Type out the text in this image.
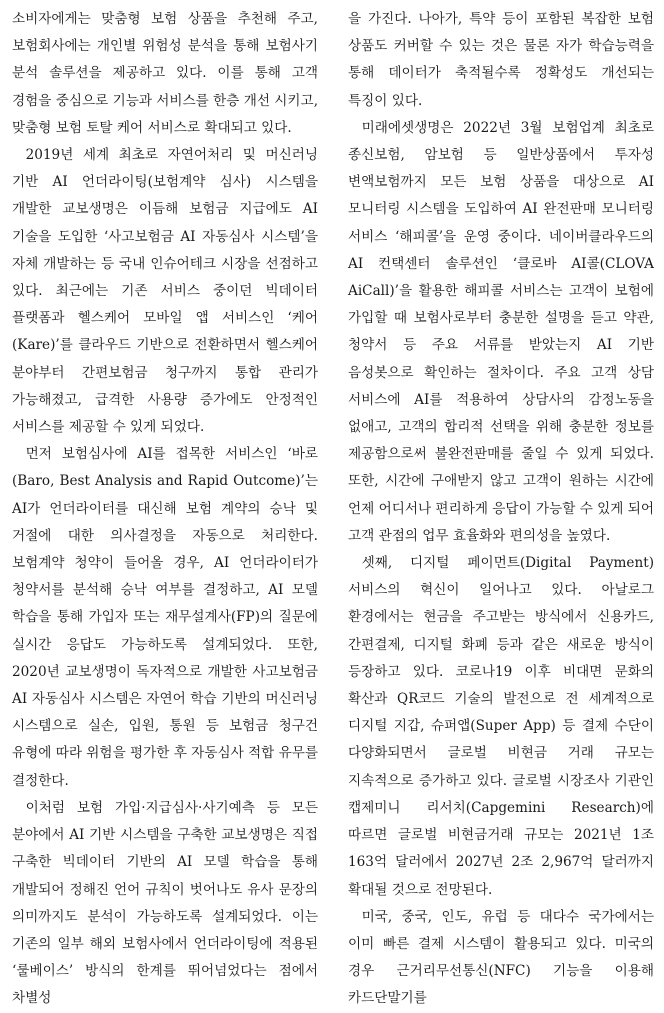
소비자에게는 맞춤형 보험 상품을 추천해 주고, 보험회사에는 개인별 위험성 분석을 통해 보험사기 분석 솔루션을 제공하고 있다. 이를 통해 고객 경험을 중심으로 기능과 서비스를 한층 개선 시키고, 맞춤형 보험 토탈 케어 서비스로 확대되고 있다.

2019년 세계 최초로 자연어처리 및 머신러닝 기반 AI 언더라이팅(보험계약 심사) 시스템을 개발한 교보생명은 이듬해 보험금 지급에도 AI 기술을 도입한 ‘사고보험금 AI 자동심사 시스템’을 자체 개발하는 등 국내 인슈어테크 시장을 선점하고 있다. 최근에는 기존 서비스 중이던 빅데이터 플랫폼과 헬스케어 모바일 앱 서비스인 ‘케어(Kare)’를 클라우드 기반으로 전환하면서 헬스케어 분야부터 간편보험금 청구까지 통합 관리가 가능해졌고, 급격한 사용량 증가에도 안정적인 서비스를 제공할 수 있게 되었다.

먼저 보험심사에 AI를 접목한 서비스인 ‘바로(Baro, Best Analysis and Rapid Outcome)’는 AI가 언더라이터를 대신해 보험 계약의 승낙 및 거절에 대한 의사결정을 자동으로 처리한다. 보험계약 청약이 들어올 경우, AI 언더라이터가 청약서를 분석해 승낙 여부를 결정하고, AI 모델 학습을 통해 가입자 또는 재무설계사(FP)의 질문에 실시간 응답도 가능하도록 설계되었다. 또한, 2020년 교보생명이 독자적으로 개발한 사고보험금 AI 자동심사 시스템은 자연어 학습 기반의 머신러닝 시스템으로 실손, 입원, 통원 등 보험금 청구건 유형에 따라 위험을 평가한 후 자동심사 적합 유무를 결정한다.

이처럼 보험 가입·지급심사·사기예측 등 모든 분야에서 AI 기반 시스템을 구축한 교보생명은 직접 구축한 빅데이터 기반의 AI 모델 학습을 통해 개발되어 정해진 언어 규칙이 벗어나도 유사 문장의 의미까지도 분석이 가능하도록 설계되었다. 이는 기존의 일부 해외 보험사에서 언더라이팅에 적용된 ‘룰베이스’ 방식의 한계를 뛰어넘었다는 점에서 차별성

을 가진다. 나아가, 특약 등이 포함된 복잡한 보험 상품도 커버할 수 있는 것은 물론 자가 학습능력을 통해 데이터가 축적될수록 정확성도 개선되는 특징이 있다.

미래에셋생명은 2022년 3월 보험업계 최초로 종신보험, 암보험 등 일반상품에서 투자성 변액보험까지 모든 보험 상품을 대상으로 AI 모니터링 시스템을 도입하여 AI 완전판매 모니터링 서비스 ‘해피콜’을 운영 중이다. 네이버클라우드의 AI 컨택센터 솔루션인 ‘클로바 AI콜(CLOVA AiCall)’을 활용한 해피콜 서비스는 고객이 보험에 가입할 때 보험사로부터 충분한 설명을 듣고 약관, 청약서 등 주요 서류를 받았는지 AI 기반 음성봇으로 확인하는 절차이다. 주요 고객 상담 서비스에 AI를 적용하여 상담사의 감정노동을 없애고, 고객의 합리적 선택을 위해 충분한 정보를 제공함으로써 불완전판매를 줄일 수 있게 되었다. 또한, 시간에 구애받지 않고 고객이 원하는 시간에 언제 어디서나 편리하게 응답이 가능할 수 있게 되어 고객 관점의 업무 효율화와 편의성을 높였다.

셋째, 디지털 페이먼트(Digital Payment) 서비스의 혁신이 일어나고 있다. 아날로그 환경에서는 현금을 주고받는 방식에서 신용카드, 간편결제, 디지털 화폐 등과 같은 새로운 방식이 등장하고 있다. 코로나19 이후 비대면 문화의 확산과 QR코드 기술의 발전으로 전 세계적으로 디지털 지갑, 슈퍼앱(Super App) 등 결제 수단이 다양화되면서 글로벌 비현금 거래 규모는 지속적으로 증가하고 있다. 글로벌 시장조사 기관인 캡제미니 리서치(Capgemini Research)에 따르면 글로벌 비현금거래 규모는 2021년 1조 163억 달러에서 2027년 2조 2,967억 달러까지 확대될 것으로 전망된다.

미국, 중국, 인도, 유럽 등 대다수 국가에서는 이미 빠른 결제 시스템이 활용되고 있다. 미국의 경우 근거리무선통신(NFC) 기능을 이용해 카드단말기를
